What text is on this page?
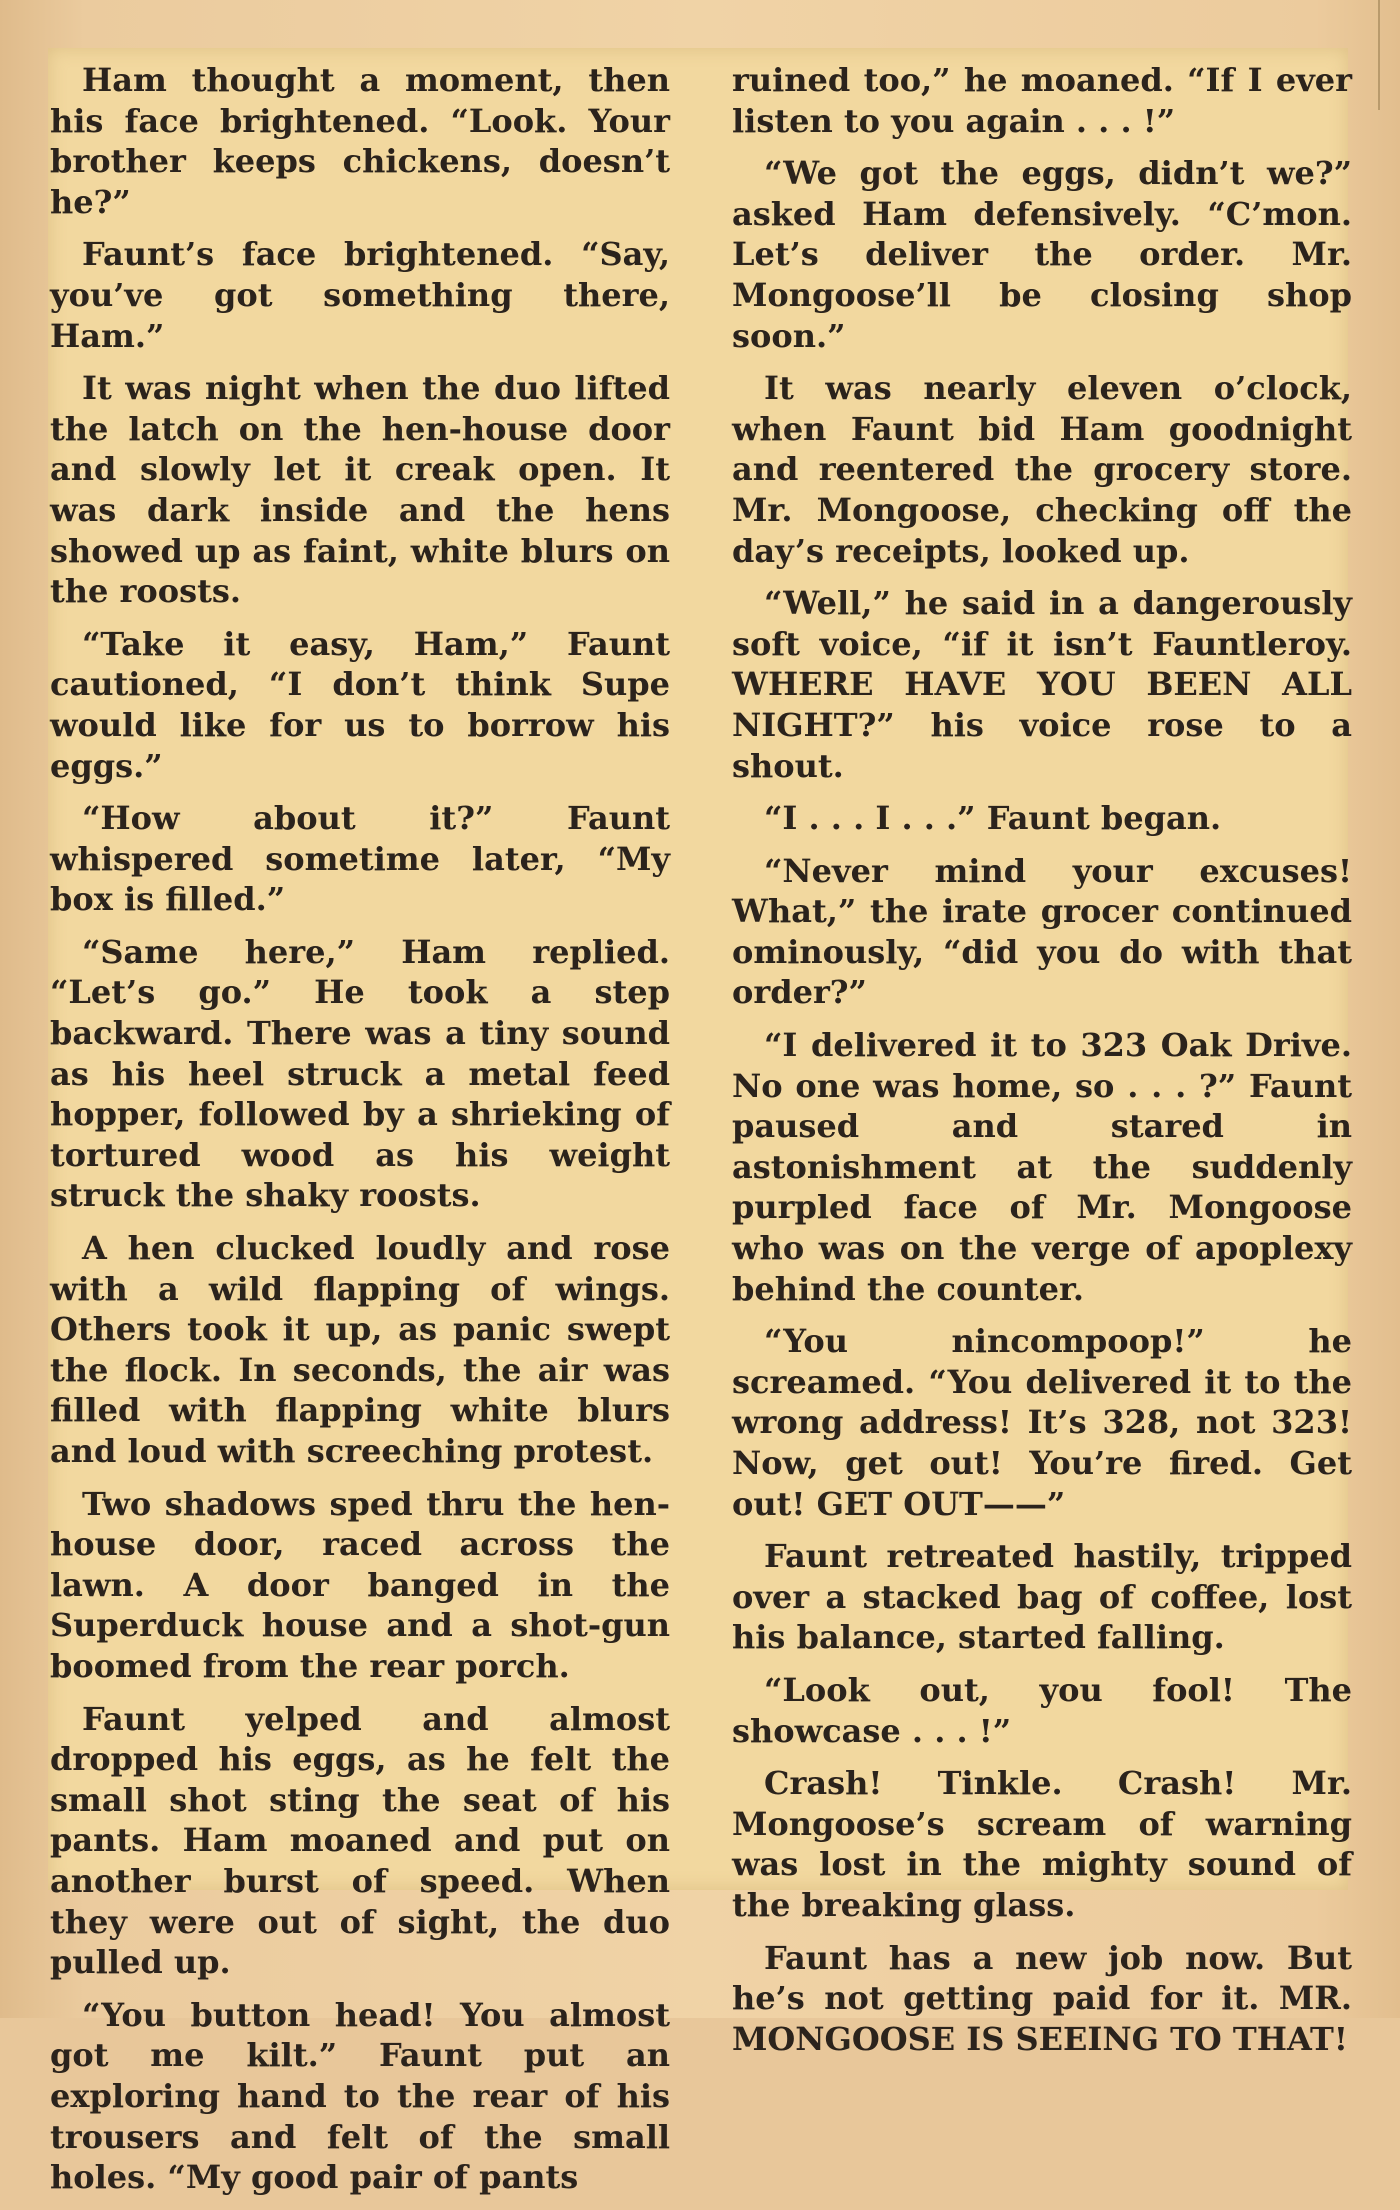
Ham thought a moment, then his face brightened. “Look. Your brother keeps chickens, doesn’t he?”

Faunt’s face brightened. “Say, you’ve got something there, Ham.”

It was night when the duo lifted the latch on the hen-house door and slowly let it creak open. It was dark inside and the hens showed up as faint, white blurs on the roosts.

“Take it easy, Ham,” Faunt cautioned, “I don’t think Supe would like for us to borrow his eggs.”

“How about it?” Faunt whispered sometime later, “My box is filled.”

“Same here,” Ham replied. “Let’s go.” He took a step backward. There was a tiny sound as his heel struck a metal feed hopper, followed by a shrieking of tortured wood as his weight struck the shaky roosts.

A hen clucked loudly and rose with a wild flapping of wings. Others took it up, as panic swept the flock. In seconds, the air was filled with flapping white blurs and loud with screeching protest.

Two shadows sped thru the hen-house door, raced across the lawn. A door banged in the Superduck house and a shot-gun boomed from the rear porch.

Faunt yelped and almost dropped his eggs, as he felt the small shot sting the seat of his pants. Ham moaned and put on another burst of speed. When they were out of sight, the duo pulled up.

“You button head! You almost got me kilt.” Faunt put an exploring hand to the rear of his trousers and felt of the small holes. “My good pair of pants

ruined too,” he moaned. “If I ever listen to you again . . . !”

“We got the eggs, didn’t we?” asked Ham defensively. “C’mon. Let’s deliver the order. Mr. Mongoose’ll be closing shop soon.”

It was nearly eleven o’clock, when Faunt bid Ham goodnight and reentered the grocery store. Mr. Mongoose, checking off the day’s receipts, looked up.

“Well,” he said in a dangerously soft voice, “if it isn’t Fauntleroy. WHERE HAVE YOU BEEN ALL NIGHT?” his voice rose to a shout.

“I . . . I . . .” Faunt began.

“Never mind your excuses! What,” the irate grocer continued ominously, “did you do with that order?”

“I delivered it to 323 Oak Drive. No one was home, so . . . ?” Faunt paused and stared in astonishment at the suddenly purpled face of Mr. Mongoose who was on the verge of apoplexy behind the counter.

“You nincompoop!” he screamed. “You delivered it to the wrong address! It’s 328, not 323! Now, get out! You’re fired. Get out! GET OUT——”

Faunt retreated hastily, tripped over a stacked bag of coffee, lost his balance, started falling.

“Look out, you fool! The showcase . . . !”

Crash! Tinkle. Crash! Mr. Mongoose’s scream of warning was lost in the mighty sound of the breaking glass.

Faunt has a new job now. But he’s not getting paid for it. MR. MONGOOSE IS SEEING TO THAT!
